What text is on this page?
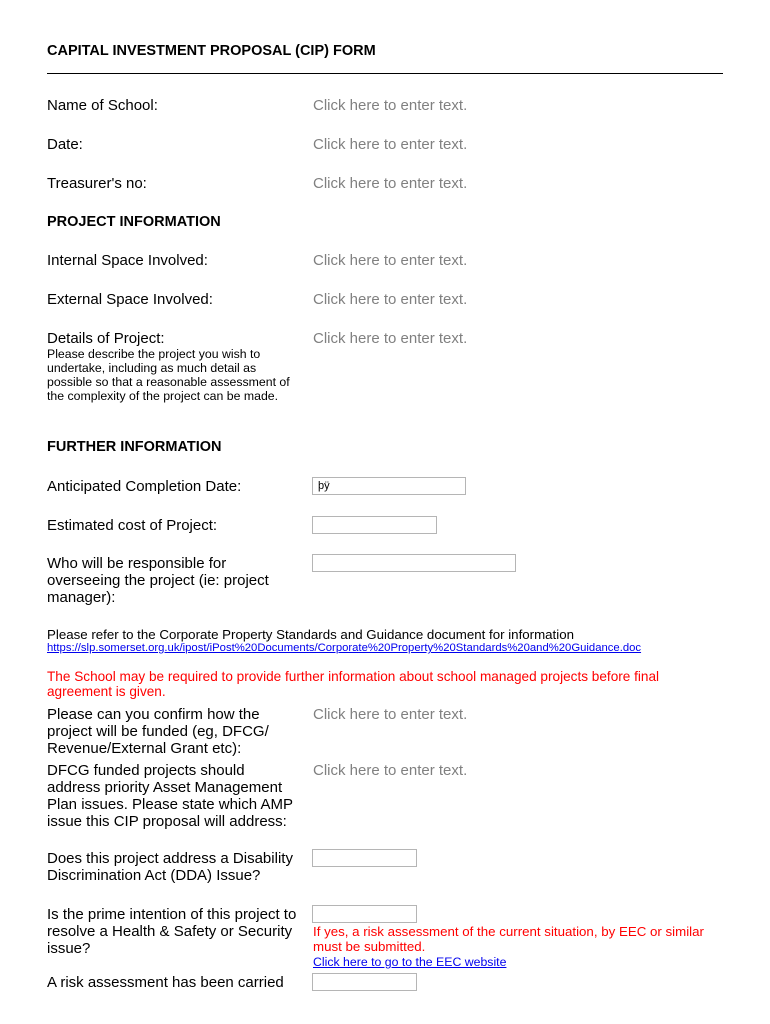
CAPITAL INVESTMENT PROPOSAL (CIP) FORM
Name of School:	Click here to enter text.
Date:	Click here to enter text.
Treasurer's no:	Click here to enter text.
PROJECT INFORMATION
Internal Space Involved:	Click here to enter text.
External Space Involved:	Click here to enter text.
Details of Project:
Please describe the project you wish to undertake, including as much detail as possible so that a reasonable assessment of the complexity of the project can be made.
Click here to enter text.
FURTHER INFORMATION
Anticipated Completion Date:	þÿ
Estimated cost of Project:
Who will be responsible for overseeing the project (ie: project manager):
Please refer to the Corporate Property Standards and Guidance document for information
https://slp.somerset.org.uk/ipost/iPost%20Documents/Corporate%20Property%20Standards%20and%20Guidance.doc
The School may be required to provide further information about school managed projects before final agreement is given.
Please can you confirm how the project will be funded (eg, DFCG/ Revenue/External Grant etc):
Click here to enter text.
DFCG funded projects should address priority Asset Management Plan issues. Please state which AMP issue this CIP proposal will address:
Click here to enter text.
Does this project address a Disability Discrimination Act (DDA) Issue?
Is the prime intention of this project to resolve a Health & Safety or Security issue?
If yes, a risk assessment of the current situation, by EEC or similar must be submitted.
Click here to go to the EEC website
A risk assessment has been carried
